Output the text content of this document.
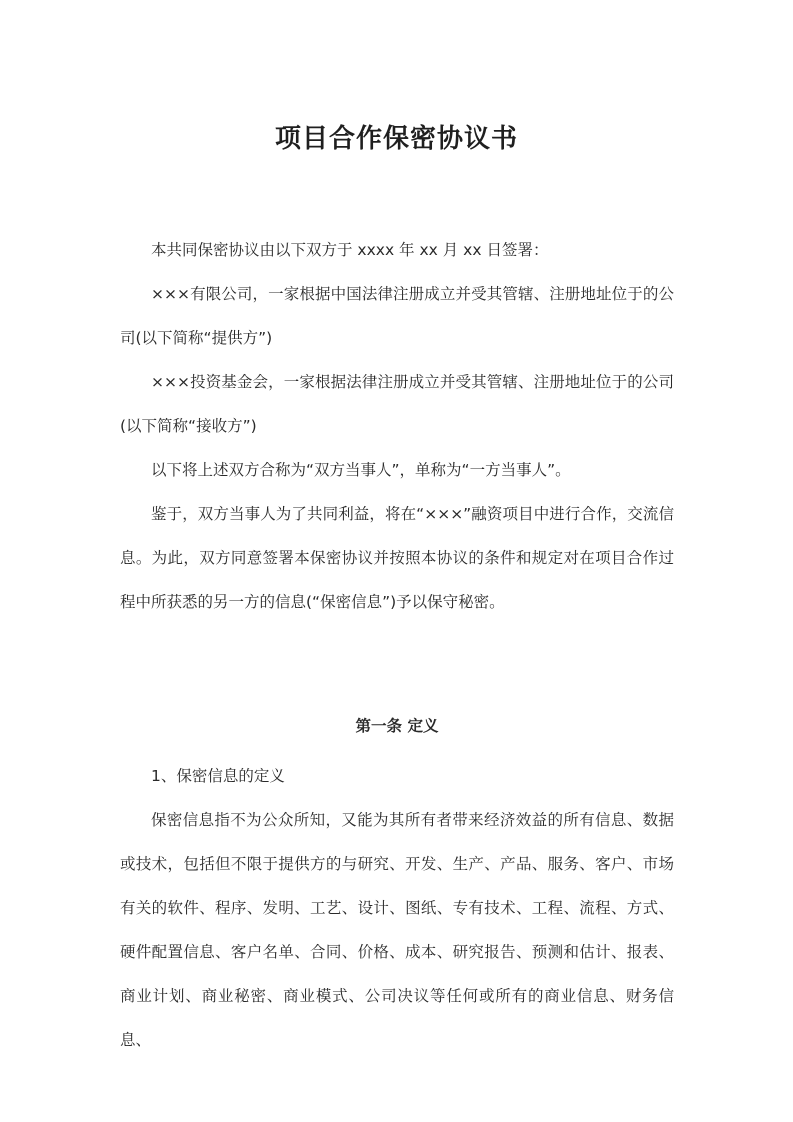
项目合作保密协议书

本共同保密协议由以下双方于 xxxx 年 xx 月 xx 日签署：

×××有限公司，一家根据中国法律注册成立并受其管辖、注册地址位于的公司(以下简称“提供方”)

×××投资基金会，一家根据法律注册成立并受其管辖、注册地址位于的公司(以下简称“接收方”)

以下将上述双方合称为“双方当事人”，单称为“一方当事人”。

鉴于，双方当事人为了共同利益，将在“×××”融资项目中进行合作，交流信息。为此，双方同意签署本保密协议并按照本协议的条件和规定对在项目合作过程中所获悉的另一方的信息(“保密信息”)予以保守秘密。

第一条 定义

1、保密信息的定义

保密信息指不为公众所知，又能为其所有者带来经济效益的所有信息、数据或技术，包括但不限于提供方的与研究、开发、生产、产品、服务、客户、市场有关的软件、程序、发明、工艺、设计、图纸、专有技术、工程、流程、方式、硬件配置信息、客户名单、合同、价格、成本、研究报告、预测和估计、报表、商业计划、商业秘密、商业模式、公司决议等任何或所有的商业信息、财务信息、
